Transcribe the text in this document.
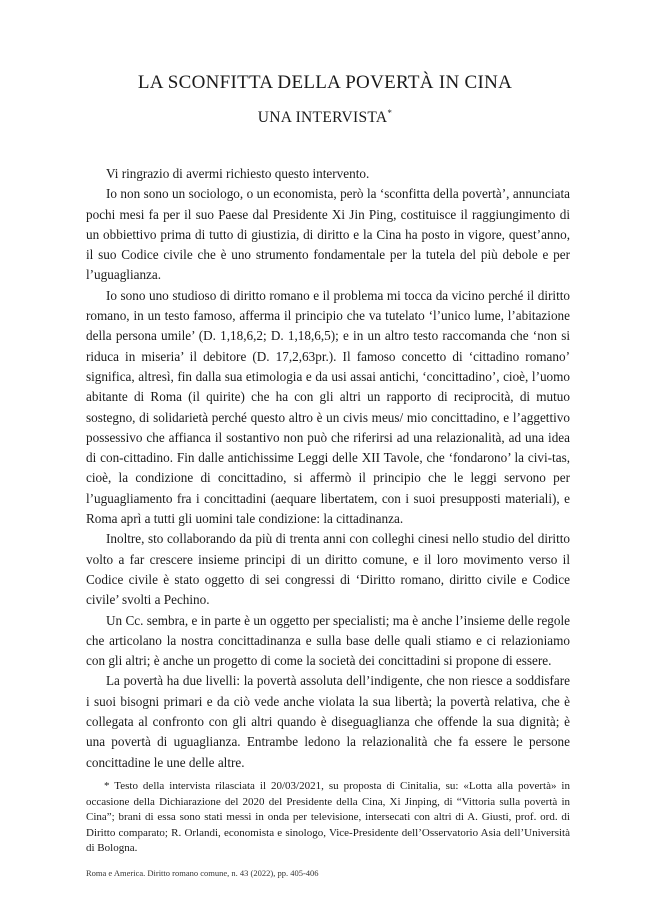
LA SCONFITTA DELLA POVERTÀ IN CINA
UNA INTERVISTA*

Vi ringrazio di avermi richiesto questo intervento.

Io non sono un sociologo, o un economista, però la ‘sconfitta della povertà’, annunciata pochi mesi fa per il suo Paese dal Presidente Xi Jin Ping, costituisce il raggiungimento di un obbiettivo prima di tutto di giustizia, di diritto e la Cina ha posto in vigore, quest’anno, il suo Codice civile che è uno strumento fondamentale per la tutela del più debole e per l’uguaglianza.

Io sono uno studioso di diritto romano e il problema mi tocca da vicino perché il diritto romano, in un testo famoso, afferma il principio che va tutelato ‘l’unico lume, l’abitazione della persona umile’ (D. 1,18,6,2; D. 1,18,6,5); e in un altro testo raccomanda che ‘non si riduca in miseria’ il debitore (D. 17,2,63pr.). Il famoso concetto di ‘cittadino romano’ significa, altresì, fin dalla sua etimologia e da usi assai antichi, ‘concittadino’, cioè, l’uomo abitante di Roma (il quirite) che ha con gli altri un rapporto di reciprocità, di mutuo sostegno, di solidarietà perché questo altro è un civis meus/ mio concittadino, e l’aggettivo possessivo che affianca il sostantivo non può che riferirsi ad una relazionalità, ad una idea di con-cittadino. Fin dalle antichissime Leggi delle XII Tavole, che ‘fondarono’ la civi-tas, cioè, la condizione di concittadino, si affermò il principio che le leggi servono per l’uguagliamento fra i concittadini (aequare libertatem, con i suoi presupposti materiali), e Roma aprì a tutti gli uomini tale condizione: la cittadinanza.

Inoltre, sto collaborando da più di trenta anni con colleghi cinesi nello studio del diritto volto a far crescere insieme principi di un diritto comune, e il loro movimento verso il Codice civile è stato oggetto di sei congressi di ‘Diritto romano, diritto civile e Codice civile’ svolti a Pechino.

Un Cc. sembra, e in parte è un oggetto per specialisti; ma è anche l’insieme delle regole che articolano la nostra concittadinanza e sulla base delle quali stiamo e ci relazioniamo con gli altri; è anche un progetto di come la società dei concittadini si propone di essere.

La povertà ha due livelli: la povertà assoluta dell’indigente, che non riesce a soddisfare i suoi bisogni primari e da ciò vede anche violata la sua libertà; la povertà relativa, che è collegata al confronto con gli altri quando è diseguaglianza che offende la sua dignità; è una povertà di uguaglianza. Entrambe ledono la relazionalità che fa essere le persone concittadine le une delle altre.

* Testo della intervista rilasciata il 20/03/2021, su proposta di Cinitalia, su: «Lotta alla povertà» in occasione della Dichiarazione del 2020 del Presidente della Cina, Xi Jinping, di “Vittoria sulla povertà in Cina”; brani di essa sono stati messi in onda per televisione, intersecati con altri di A. Giusti, prof. ord. di Diritto comparato; R. Orlandi, economista e sinologo, Vice-Presidente dell’Osservatorio Asia dell’Università di Bologna.

Roma e America. Diritto romano comune, n. 43 (2022), pp. 405-406
